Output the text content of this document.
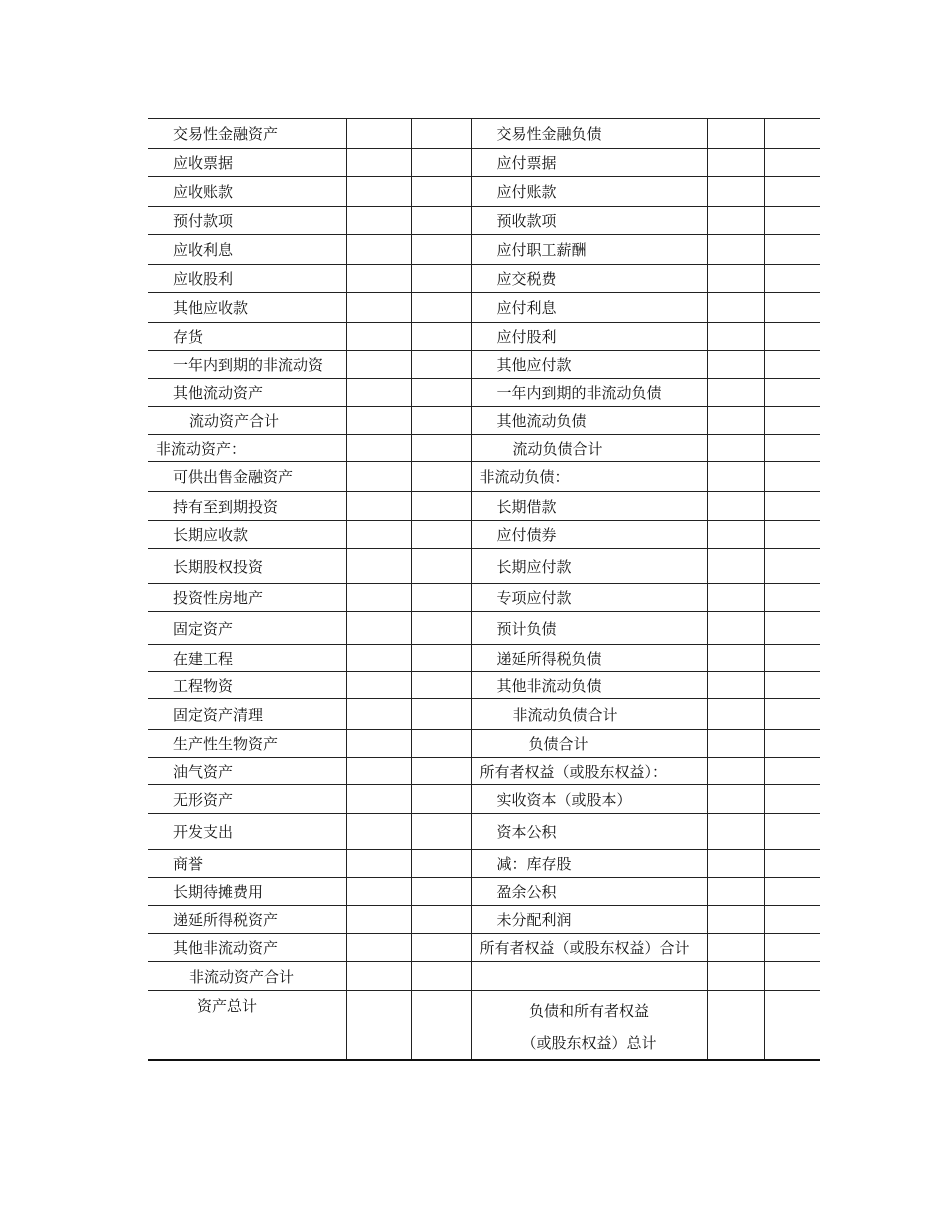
交易性金融资产			交易性金融负债		
应收票据			应付票据		
应收账款			应付账款		
预付款项			预收款项		
应收利息			应付职工薪酬		
应收股利			应交税费		
其他应收款			应付利息		
存货			应付股利		
一年内到期的非流动资			其他应付款		
其他流动资产			一年内到期的非流动负债		
流动资产合计			其他流动负债		
非流动资产：			流动负债合计		
可供出售金融资产			非流动负债：		
持有至到期投资			长期借款		
长期应收款			应付债券		
长期股权投资			长期应付款		
投资性房地产			专项应付款		
固定资产			预计负债		
在建工程			递延所得税负债		
工程物资			其他非流动负债		
固定资产清理			非流动负债合计		
生产性生物资产			负债合计		
油气资产			所有者权益（或股东权益）：		
无形资产			实收资本（或股本）		
开发支出			资本公积		
商誉			减：库存股		
长期待摊费用			盈余公积		
递延所得税资产			未分配利润		
其他非流动资产			所有者权益（或股东权益）合计		
非流动资产合计					
资产总计			负债和所有者权益
（或股东权益）总计		
